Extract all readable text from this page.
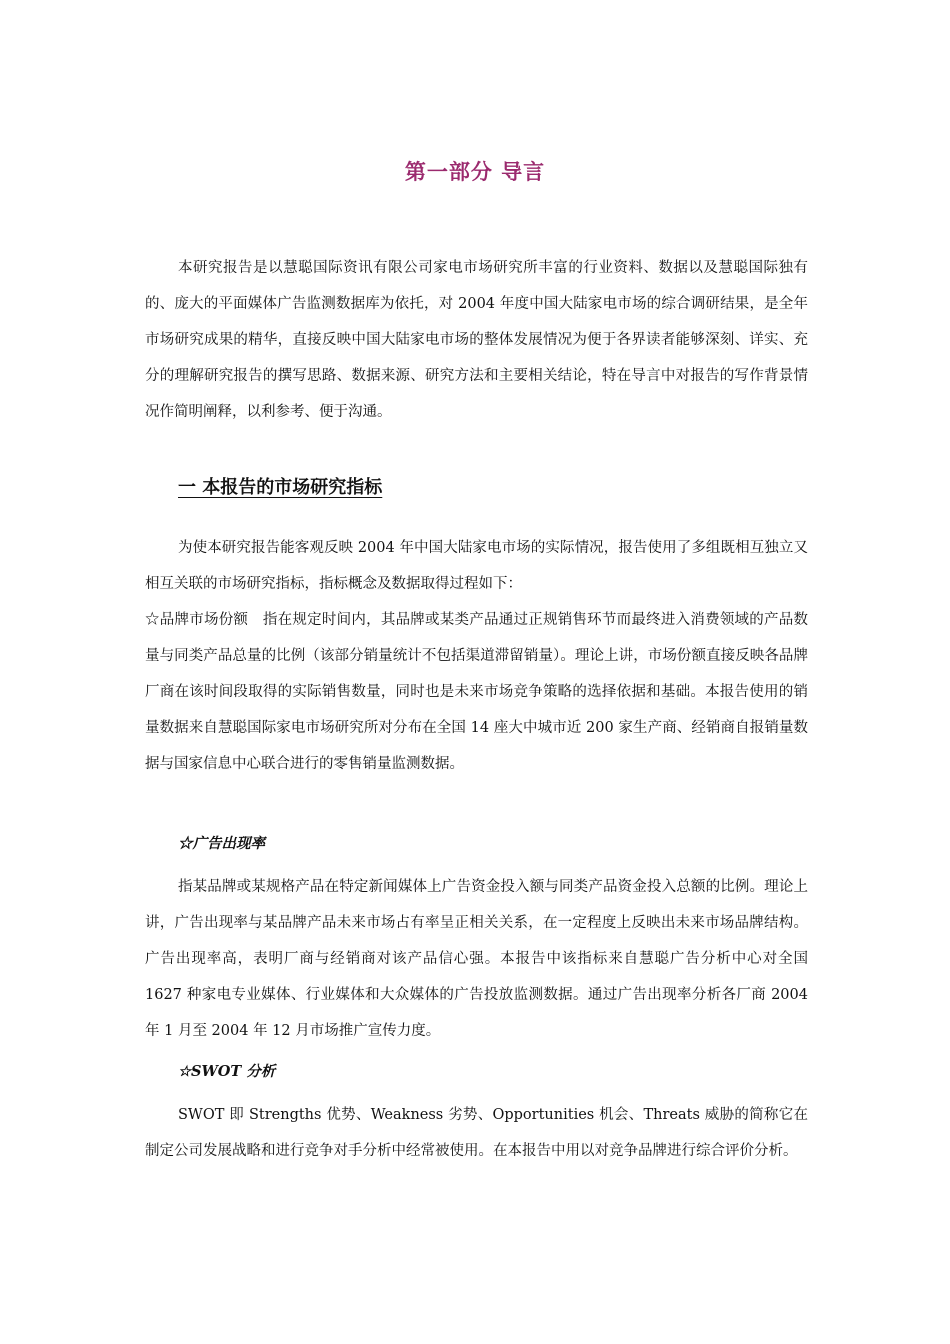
第一部分 导言

本研究报告是以慧聪国际资讯有限公司家电市场研究所丰富的行业资料、数据以及慧聪国际独有的、庞大的平面媒体广告监测数据库为依托，对 2004 年度中国大陆家电市场的综合调研结果，是全年市场研究成果的精华，直接反映中国大陆家电市场的整体发展情况为便于各界读者能够深刻、详实、充分的理解研究报告的撰写思路、数据来源、研究方法和主要相关结论，特在导言中对报告的写作背景情况作简明阐释，以利参考、便于沟通。

一 本报告的市场研究指标

为使本研究报告能客观反映 2004 年中国大陆家电市场的实际情况，报告使用了多组既相互独立又相互关联的市场研究指标，指标概念及数据取得过程如下：

☆品牌市场份额　 指在规定时间内，其品牌或某类产品通过正规销售环节而最终进入消费领域的产品数量与同类产品总量的比例（该部分销量统计不包括渠道滞留销量）。理论上讲，市场份额直接反映各品牌厂商在该时间段取得的实际销售数量，同时也是未来市场竞争策略的选择依据和基础。本报告使用的销量数据来自慧聪国际家电市场研究所对分布在全国 14 座大中城市近 200 家生产商、经销商自报销量数据与国家信息中心联合进行的零售销量监测数据。

☆广告出现率

指某品牌或某规格产品在特定新闻媒体上广告资金投入额与同类产品资金投入总额的比例。理论上讲，广告出现率与某品牌产品未来市场占有率呈正相关关系，在一定程度上反映出未来市场品牌结构。广告出现率高，表明厂商与经销商对该产品信心强。本报告中该指标来自慧聪广告分析中心对全国 1627 种家电专业媒体、行业媒体和大众媒体的广告投放监测数据。通过广告出现率分析各厂商 2004 年 1 月至 2004 年 12 月市场推广宣传力度。

☆SWOT 分析

SWOT 即 Strengths 优势、Weakness 劣势、Opportunities 机会、Threats 威胁的简称它在制定公司发展战略和进行竞争对手分析中经常被使用。在本报告中用以对竞争品牌进行综合评价分析。
